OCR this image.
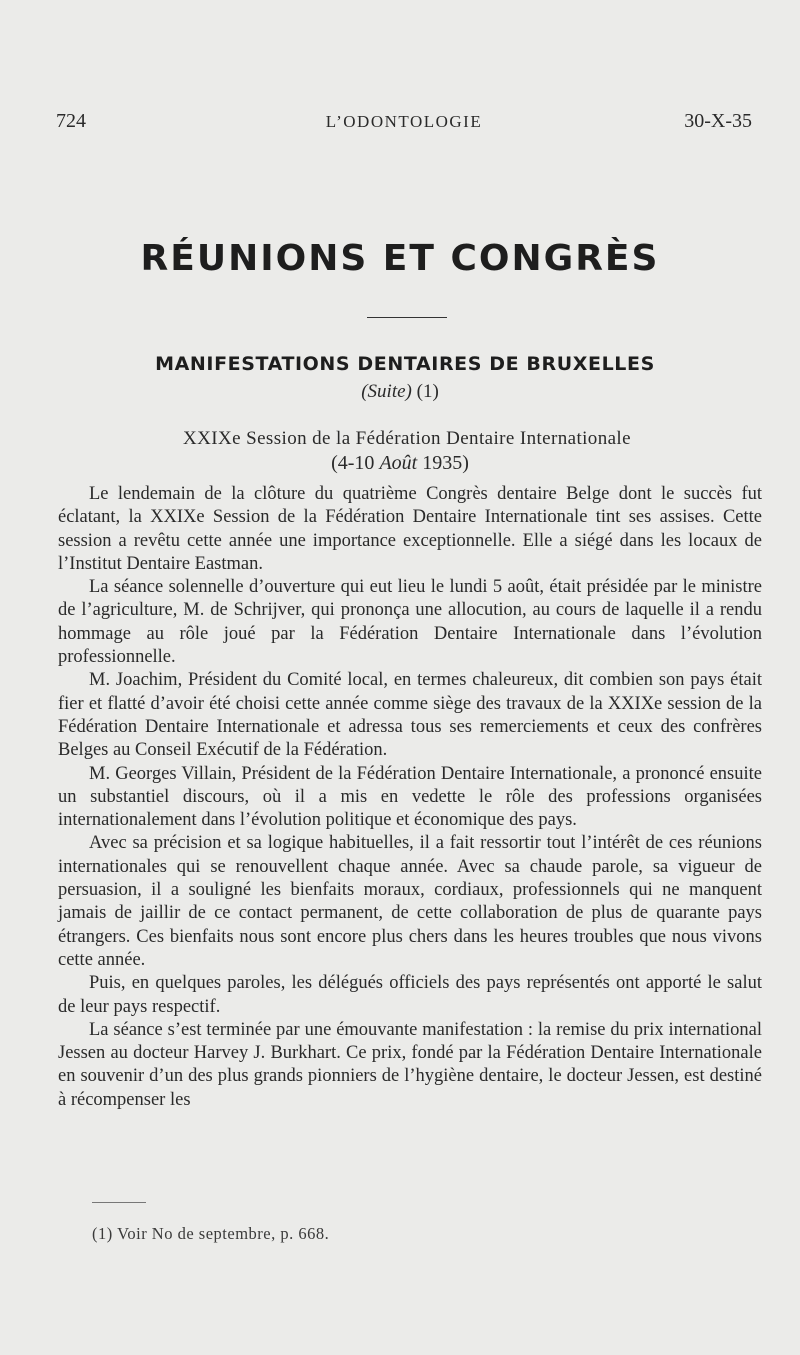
724	L’ODONTOLOGIE	30-X-35
RÉUNIONS ET CONGRÈS
MANIFESTATIONS DENTAIRES DE BRUXELLES
(Suite) (1)
XXIXe Session de la Fédération Dentaire Internationale
(4-10 Août 1935)

Le lendemain de la clôture du quatrième Congrès dentaire Belge dont le succès fut éclatant, la XXIXe Session de la Fédération Dentaire Internationale tint ses assises. Cette session a revêtu cette année une importance exceptionnelle. Elle a siégé dans les locaux de l’Institut Dentaire Eastman.

La séance solennelle d’ouverture qui eut lieu le lundi 5 août, était présidée par le ministre de l’agriculture, M. de Schrijver, qui prononça une allocution, au cours de laquelle il a rendu hommage au rôle joué par la Fédération Dentaire Internationale dans l’évolution professionnelle.

M. Joachim, Président du Comité local, en termes chaleureux, dit combien son pays était fier et flatté d’avoir été choisi cette année comme siège des travaux de la XXIXe session de la Fédération Dentaire Internationale et adressa tous ses remerciements et ceux des confrères Belges au Conseil Exécutif de la Fédération.

M. Georges Villain, Président de la Fédération Dentaire Internationale, a prononcé ensuite un substantiel discours, où il a mis en vedette le rôle des professions organisées internationalement dans l’évolution politique et économique des pays.

Avec sa précision et sa logique habituelles, il a fait ressortir tout l’intérêt de ces réunions internationales qui se renouvellent chaque année. Avec sa chaude parole, sa vigueur de persuasion, il a souligné les bienfaits moraux, cordiaux, professionnels qui ne manquent jamais de jaillir de ce contact permanent, de cette collaboration de plus de quarante pays étrangers. Ces bienfaits nous sont encore plus chers dans les heures troubles que nous vivons cette année.

Puis, en quelques paroles, les délégués officiels des pays représentés ont apporté le salut de leur pays respectif.

La séance s’est terminée par une émouvante manifestation : la remise du prix international Jessen au docteur Harvey J. Burkhart. Ce prix, fondé par la Fédération Dentaire Internationale en souvenir d’un des plus grands pionniers de l’hygiène dentaire, le docteur Jessen, est destiné à récompenser les

(1) Voir No de septembre, p. 668.
